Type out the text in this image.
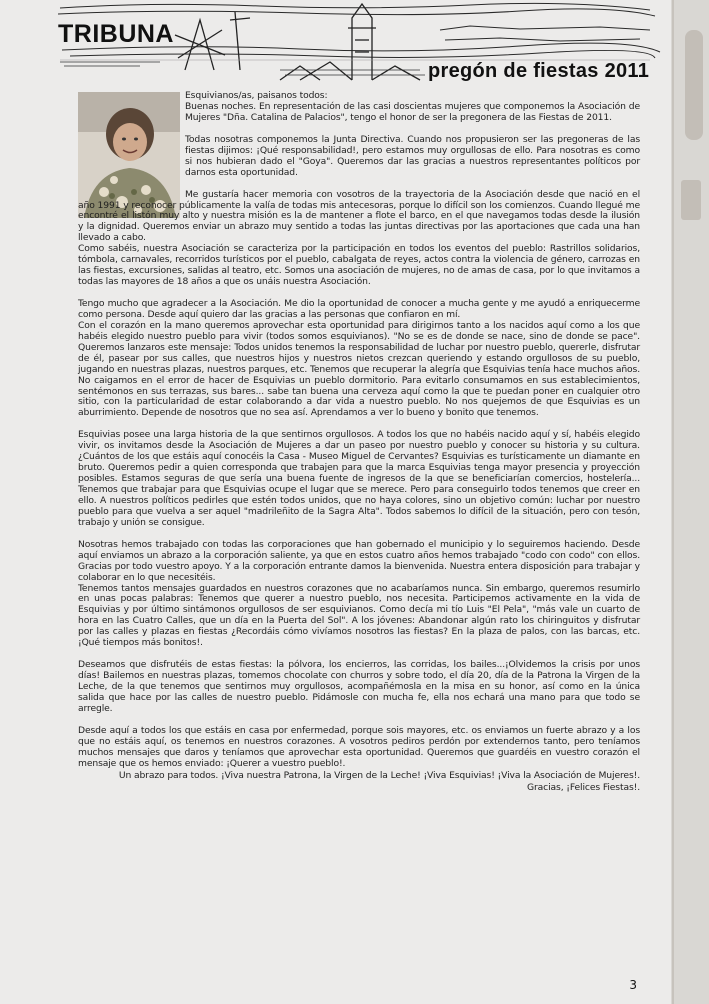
TRIBUNA
pregón de fiestas 2011

Esquivianos/as, paisanos todos:

Buenas noches. En representación de las casi doscientas mujeres que componemos la Asociación de Mujeres "Dña. Catalina de Palacios", tengo el honor de ser la pregonera de las Fiestas de 2011.

Todas nosotras componemos la Junta Directiva. Cuando nos propusieron ser las pregoneras de las fiestas dijimos: ¡Qué responsabilidad!, pero estamos muy orgullosas de ello. Para nosotras es como si nos hubieran dado el "Goya". Queremos dar las gracias a nuestros representantes políticos por darnos esta oportunidad.

Me gustaría hacer memoria con vosotros de la trayectoria de la Asociación desde que nació en el año 1991 y reconocer públicamente la valía de todas mis antecesoras, porque lo difícil son los comienzos. Cuando llegué me encontré el listón muy alto y nuestra misión es la de mantener a flote el barco, en el que navegamos todas desde la ilusión y la dignidad. Queremos enviar un abrazo muy sentido a todas las juntas directivas por las aportaciones que cada una han llevado a cabo.

Como sabéis, nuestra Asociación se caracteriza por la participación en todos los eventos del pueblo: Rastrillos solidarios, tómbola, carnavales, recorridos turísticos por el pueblo, cabalgata de reyes, actos contra la violencia de género, carrozas en las fiestas, excursiones, salidas al teatro, etc. Somos una asociación de mujeres, no de amas de casa, por lo que invitamos a todas las mayores de 18 años a que os unáis nuestra Asociación.

Tengo mucho que agradecer a la Asociación. Me dio la oportunidad de conocer a mucha gente y me ayudó a enriquecerme como persona. Desde aquí quiero dar las gracias a las personas que confiaron en mí.

Con el corazón en la mano queremos aprovechar esta oportunidad para dirigirnos tanto a los nacidos aquí como a los que habéis elegido nuestro pueblo para vivir (todos somos esquivianos). "No se es de donde se nace, sino de donde se pace". Queremos lanzaros este mensaje: Todos unidos tenemos la responsabilidad de luchar por nuestro pueblo, quererle, disfrutar de él, pasear por sus calles, que nuestros hijos y nuestros nietos crezcan queriendo y estando orgullosos de su pueblo, jugando en nuestras plazas, nuestros parques, etc. Tenemos que recuperar la alegría que Esquivias tenía hace muchos años. No caigamos en el error de hacer de Esquivias un pueblo dormitorio. Para evitarlo consumamos en sus establecimientos, sentémonos en sus terrazas, sus bares... sabe tan buena una cerveza aquí como la que te puedan poner en cualquier otro sitio, con la particularidad de estar colaborando a dar vida a nuestro pueblo. No nos quejemos de que Esquivias es un aburrimiento. Depende de nosotros que no sea así. Aprendamos a ver lo bueno y bonito que tenemos.

Esquivias posee una larga historia de la que sentirnos orgullosos. A todos los que no habéis nacido aquí y sí, habéis elegido vivir, os invitamos desde la Asociación de Mujeres a dar un paseo por nuestro pueblo y conocer su historia y su cultura. ¿Cuántos de los que estáis aquí conocéis la Casa - Museo Miguel de Cervantes? Esquivias es turísticamente un diamante en bruto. Queremos pedir a quien corresponda que trabajen para que la marca Esquivias tenga mayor presencia y proyección posibles. Estamos seguras de que sería una buena fuente de ingresos de la que se beneficiarían comercios, hostelería... Tenemos que trabajar para que Esquivias ocupe el lugar que se merece. Pero para conseguirlo todos tenemos que creer en ello. A nuestros políticos pedirles que estén todos unidos, que no haya colores, sino un objetivo común: luchar por nuestro pueblo para que vuelva a ser aquel "madrileñito de la Sagra Alta". Todos sabemos lo difícil de la situación, pero con tesón, trabajo y unión se consigue.

Nosotras hemos trabajado con todas las corporaciones que han gobernado el municipio y lo seguiremos haciendo. Desde aquí enviamos un abrazo a la corporación saliente, ya que en estos cuatro años hemos trabajado "codo con codo" con ellos. Gracias por todo vuestro apoyo. Y a la corporación entrante damos la bienvenida. Nuestra entera disposición para trabajar y colaborar en lo que necesitéis.

Tenemos tantos mensajes guardados en nuestros corazones que no acabaríamos nunca. Sin embargo, queremos resumirlo en unas pocas palabras: Tenemos que querer a nuestro pueblo, nos necesita. Participemos activamente en la vida de Esquivias y por último sintámonos orgullosos de ser esquivianos. Como decía mi tío Luis "El Pela", "más vale un cuarto de hora en las Cuatro Calles, que un día en la Puerta del Sol". A los jóvenes: Abandonar algún rato los chiringuitos y disfrutar por las calles y plazas en fiestas ¿Recordáis cómo vivíamos nosotros las fiestas? En la plaza de palos, con las barcas, etc. ¡Qué tiempos más bonitos!.

Deseamos que disfrutéis de estas fiestas: la pólvora, los encierros, las corridas, los bailes...¡Olvidemos la crisis por unos días! Bailemos en nuestras plazas, tomemos chocolate con churros y sobre todo, el día 20, día de la Patrona la Virgen de la Leche, de la que tenemos que sentirnos muy orgullosos, acompañémosla en la misa en su honor, así como en la única salida que hace por las calles de nuestro pueblo. Pidámosle con mucha fe, ella nos echará una mano para que todo se arregle.

Desde aquí a todos los que estáis en casa por enfermedad, porque sois mayores, etc. os enviamos un fuerte abrazo y a los que no estáis aquí, os tenemos en nuestros corazones. A vosotros pediros perdón por extendernos tanto, pero teníamos muchos mensajes que daros y teníamos que aprovechar esta oportunidad. Queremos que guardéis en vuestro corazón el mensaje que os hemos enviado: ¡Querer a vuestro pueblo!.

Un abrazo para todos. ¡Viva nuestra Patrona, la Virgen de la Leche! ¡Viva Esquivias! ¡Viva la Asociación de Mujeres!.

Gracias, ¡Felices Fiestas!.

3
